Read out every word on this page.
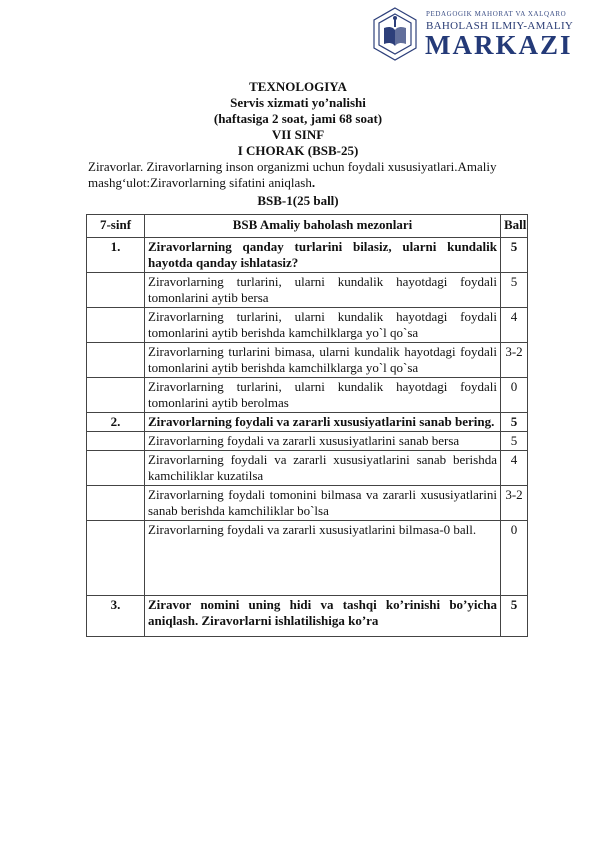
PEDAGOGIK MAHORAT VA XALQARO
BAHOLASH ILMIY-AMALIY
MARKAZI
TEXNOLOGIYA
Servis xizmati yo’nalishi
(haftasiga 2 soat, jami 68 soat)
VII SINF
I CHORAK (BSB-25)
Ziravorlar. Ziravorlarning inson organizmi uchun foydali xususiyatlari.Amaliy mashg‘ulot:Ziravorlarning sifatini aniqlash.
BSB-1(25 ball)
7-sinf	BSB Amaliy baholash mezonlari	Ball
1.	Ziravorlarning qanday turlarini bilasiz, ularni kundalik hayotda qanday ishlatasiz?	5
	Ziravorlarning turlarini, ularni kundalik hayotdagi foydali tomonlarini aytib bersa	5
	Ziravorlarning turlarini, ularni kundalik hayotdagi foydali tomonlarini aytib berishda kamchilklarga yo`l qo`sa	4
	Ziravorlarning turlarini bimasa, ularni kundalik hayotdagi foydali tomonlarini aytib berishda kamchilklarga yo`l qo`sa	3-2
	Ziravorlarning turlarini, ularni kundalik hayotdagi foydali tomonlarini aytib berolmas	0
2.	Ziravorlarning foydali va zararli xususiyatlarini sanab bering.	5
	Ziravorlarning foydali va zararli xususiyatlarini sanab bersa	5
	Ziravorlarning foydali va zararli xususiyatlarini sanab berishda kamchiliklar kuzatilsa	4
	Ziravorlarning foydali tomonini bilmasa va zararli xususiyatlarini sanab berishda kamchiliklar bo`lsa	3-2
	Ziravorlarning foydali va zararli xususiyatlarini bilmasa-0 ball.	0
3.	Ziravor nomini uning hidi va tashqi ko’rinishi bo’yicha aniqlash. Ziravorlarni ishlatilishiga ko’ra	5
